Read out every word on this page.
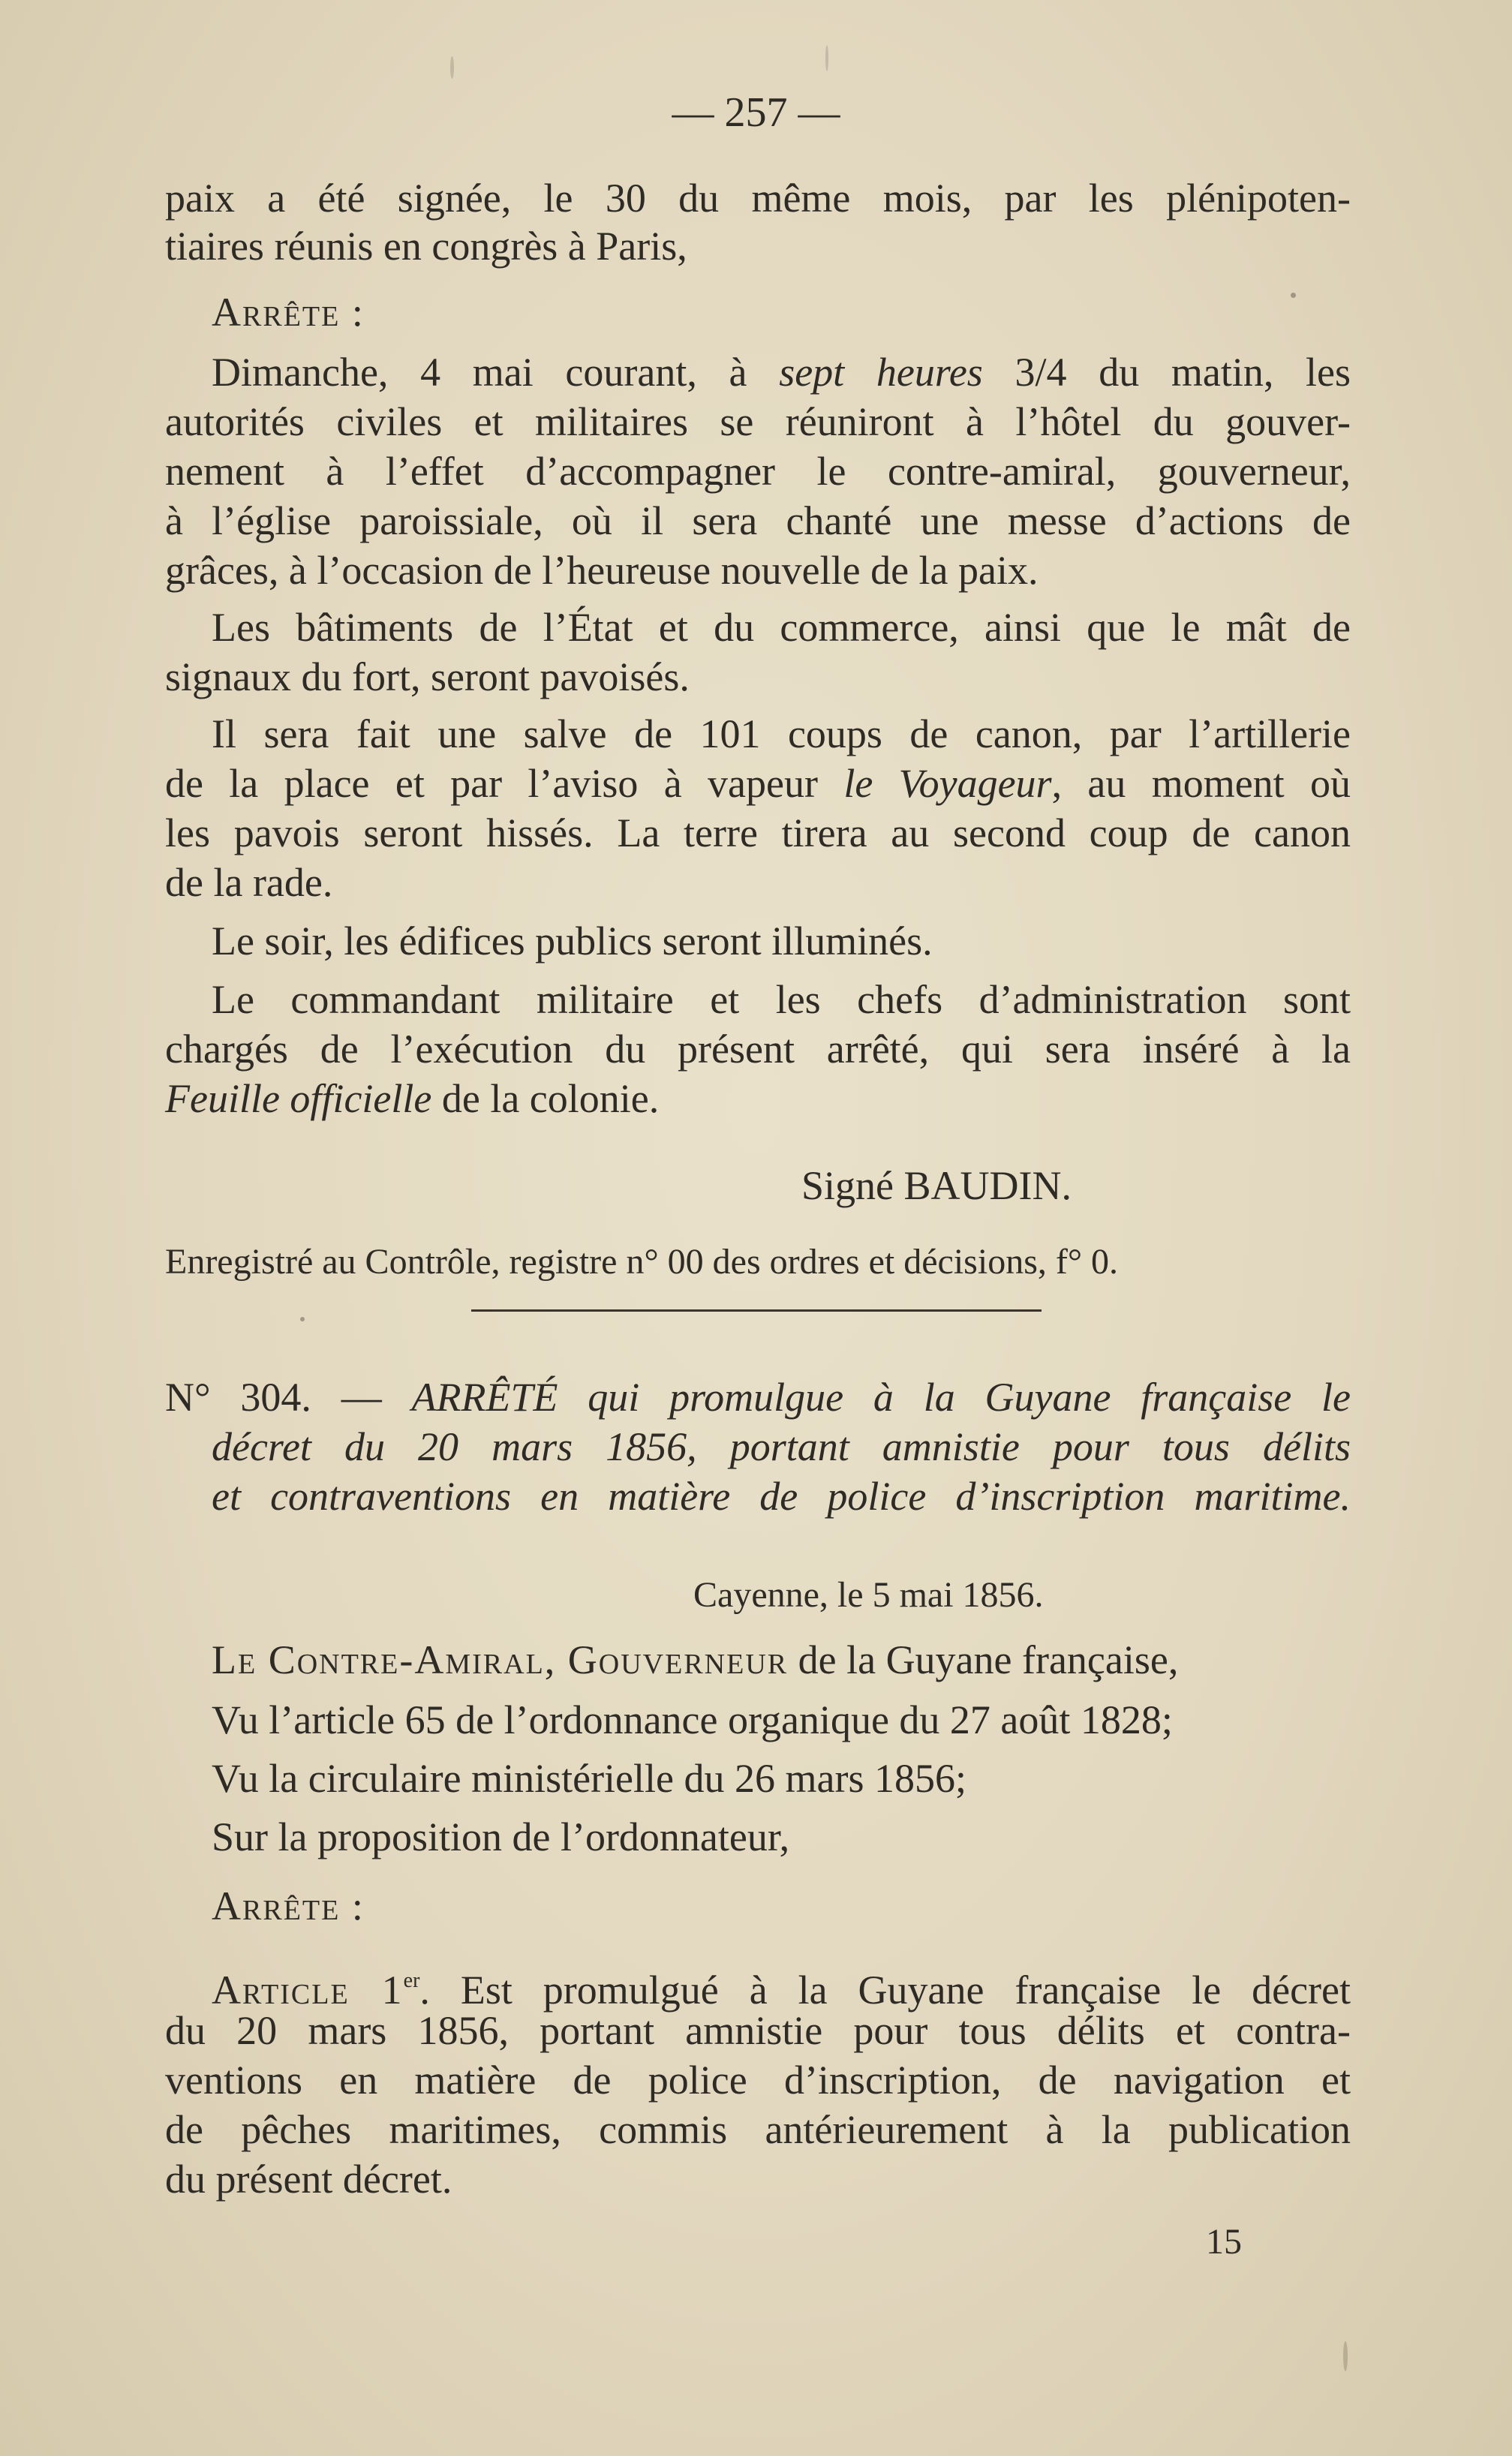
— 257 —
paix a été signée, le 30 du même mois, par les plénipoten-
tiaires réunis en congrès à Paris,
Arrête :
Dimanche, 4 mai courant, à sept heures 3/4 du matin, les
autorités civiles et militaires se réuniront à l’hôtel du gouver-
nement à l’effet d’accompagner le contre-amiral, gouverneur,
à l’église paroissiale, où il sera chanté une messe d’actions de
grâces, à l’occasion de l’heureuse nouvelle de la paix.
Les bâtiments de l’État et du commerce, ainsi que le mât de
signaux du fort, seront pavoisés.
Il sera fait une salve de 101 coups de canon, par l’artillerie
de la place et par l’aviso à vapeur le Voyageur, au moment où
les pavois seront hissés. La terre tirera au second coup de canon
de la rade.
Le soir, les édifices publics seront illuminés.
Le commandant militaire et les chefs d’administration sont
chargés de l’exécution du présent arrêté, qui sera inséré à la
Feuille officielle de la colonie.
Signé BAUDIN.
Enregistré au Contrôle, registre n° 00 des ordres et décisions, f° 0.
N° 304. — ARRÊTÉ qui promulgue à la Guyane française le
décret du 20 mars 1856, portant amnistie pour tous délits
et contraventions en matière de police d’inscription maritime.
Cayenne, le 5 mai 1856.
Le Contre-Amiral, Gouverneur de la Guyane française,
Vu l’article 65 de l’ordonnance organique du 27 août 1828;
Vu la circulaire ministérielle du 26 mars 1856;
Sur la proposition de l’ordonnateur,
Arrête :
Article 1er. Est promulgué à la Guyane française le décret
du 20 mars 1856, portant amnistie pour tous délits et contra-
ventions en matière de police d’inscription, de navigation et
de pêches maritimes, commis antérieurement à la publication
du présent décret.
15
